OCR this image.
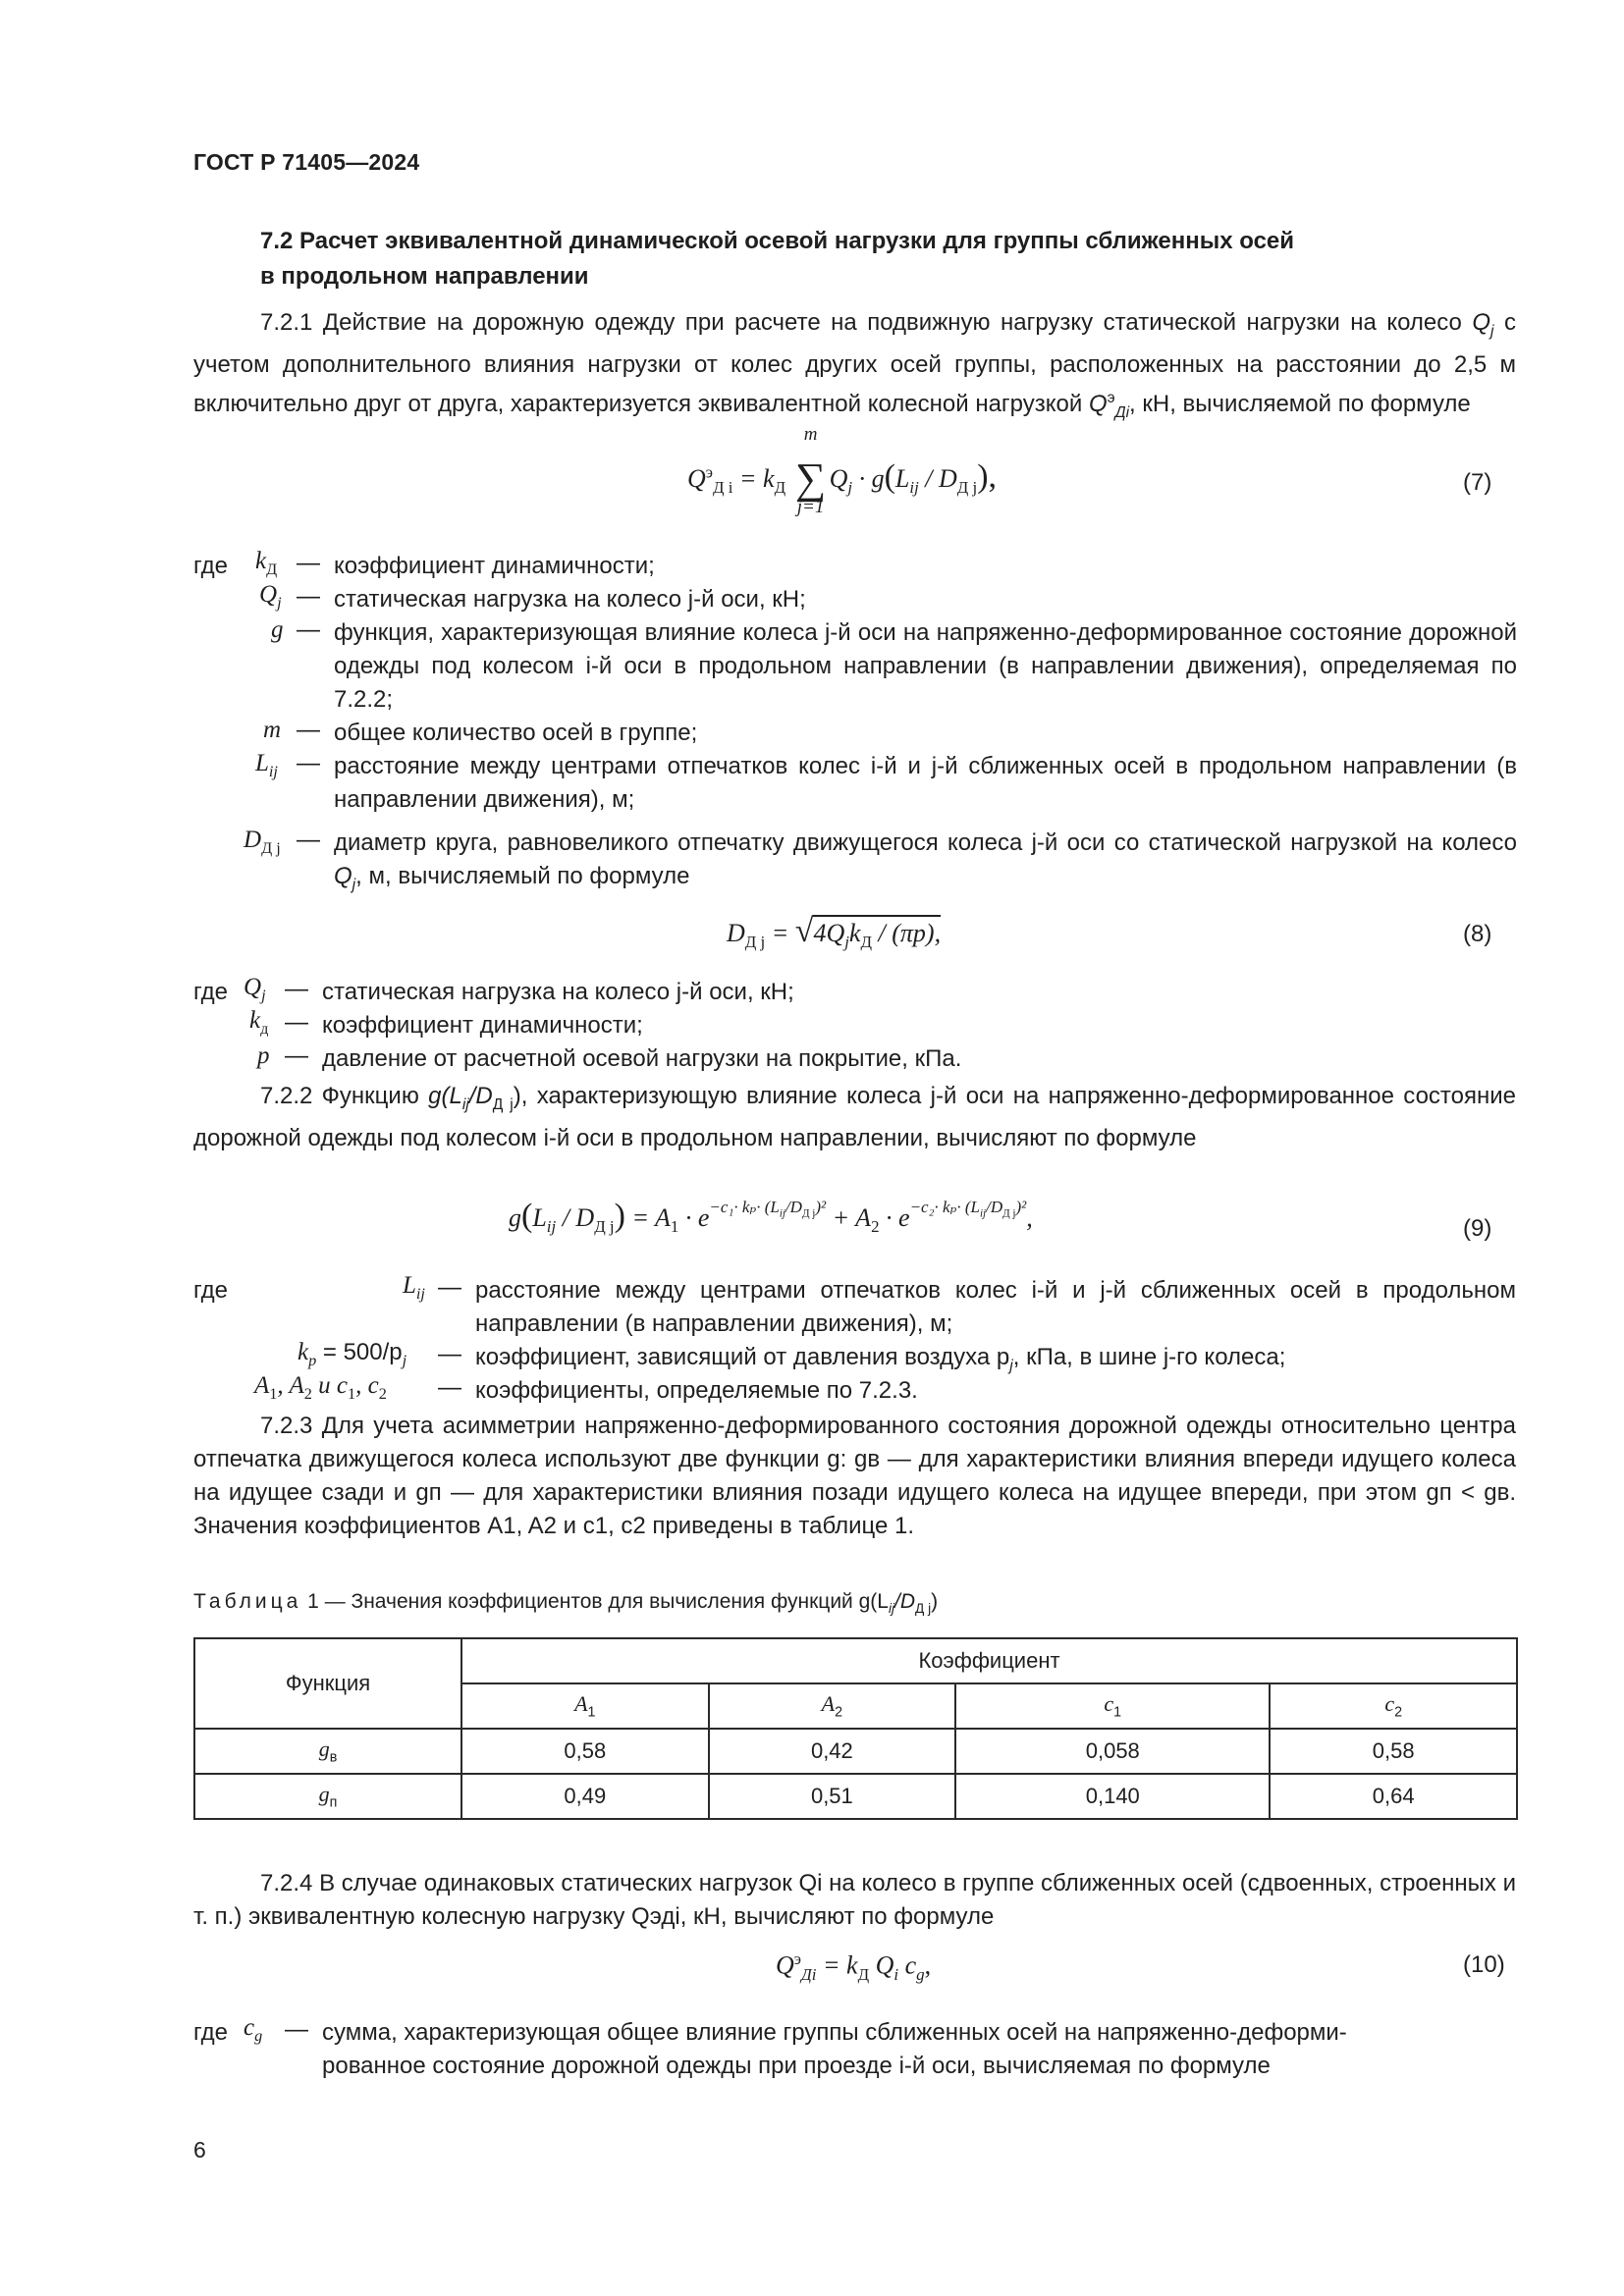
ГОСТ Р 71405—2024
7.2 Расчет эквивалентной динамической осевой нагрузки для группы сближенных осей
в продольном направлении
7.2.1 Действие на дорожную одежду при расчете на подвижную нагрузку статической нагрузки на колесо $Q_j$ с учетом дополнительного влияния нагрузки от колес других осей группы, расположенных на расстоянии до 2,5 м включительно друг от друга, характеризуется эквивалентной колесной нагрузкой $Q^э_{Дi}$, кН, вычисляемой по формуле
$Q^э_{Д i} = k_Д$
m
∑
j=1
$Q_j \cdot g(L_{ij} / D_{Д j})$,	(7)
где $k_Д$ — коэффициент динамичности;
$Q_j$ — статическая нагрузка на колесо j-й оси, кН;
g — функция, характеризующая влияние колеса j-й оси на напряженно-деформированное состояние дорожной одежды под колесом i-й оси в продольном направлении (в направлении движения), определяемая по 7.2.2;
m — общее количество осей в группе;
$L_{ij}$ — расстояние между центрами отпечатков колес i-й и j-й сближенных осей в продольном направлении (в направлении движения), м;
$D_{Д j}$ — диаметр круга, равновеликого отпечатку движущегося колеса j-й оси со статической нагрузкой на колесо $Q_j$, м, вычисляемый по формуле
$D_{Д j} = √4Q_jk_Д / (\pi p)$,	(8)
где $Q_j$ — статическая нагрузка на колесо j-й оси, кН;
$k_д$ — коэффициент динамичности;
p — давление от расчетной осевой нагрузки на покрытие, кПа.
7.2.2 Функцию $g(L_{ij}/D_{Д j})$, характеризующую влияние колеса j-й оси на напряженно-деформированное состояние дорожной одежды под колесом i-й оси в продольном направлении, вычисляют по формуле
$g(L_{ij} / D_{Д j}) = A_1 \cdot e^{-c_1\cdot k_p\cdot (L_{ij}/D_{Д j})^2} + A_2 \cdot e^{-c_2\cdot k_p\cdot (L_{ij}/D_{Д j})^2}$,	(9)
где	$L_{ij}$ — расстояние между центрами отпечатков колес i-й и j-й сближенных осей в продольном направлении (в направлении движения), м;
$k_p = 500/p_j$ — коэффициент, зависящий от давления воздуха $p_j$, кПа, в шине j-го колеса;
$A_1$, $A_2$ и $c_1$, $c_2$ — коэффициенты, определяемые по 7.2.3.
7.2.3 Для учета асимметрии напряженно-деформированного состояния дорожной одежды относительно центра отпечатка движущегося колеса используют две функции g: gв — для характеристики влияния впереди идущего колеса на идущее сзади и gп — для характеристики влияния позади идущего колеса на идущее впереди, при этом gп < gв. Значения коэффициентов A1, A2 и c1, c2 приведены в таблице 1.
Таблица 1 — Значения коэффициентов для вычисления функций $g(L_{ij}/D_{Д j})$
Функция	Коэффициент			
	$A_1$	$A_2$	$c_1$	$c_2$
$g_в$	0,58	0,42	0,058	0,58
$g_п$	0,49	0,51	0,140	0,64
7.2.4 В случае одинаковых статических нагрузок Qi на колесо в группе сближенных осей (сдвоенных, строенных и т. п.) эквивалентную колесную нагрузку Qэдi, кН, вычисляют по формуле
$Q^э_{Дi} = k_Д$ $Q_i$ $c_g$,	(10)
где $c_g$ — сумма, характеризующая общее влияние группы сближенных осей на напряженно-деформи-
рованное состояние дорожной одежды при проезде i-й оси, вычисляемая по формуле
6
